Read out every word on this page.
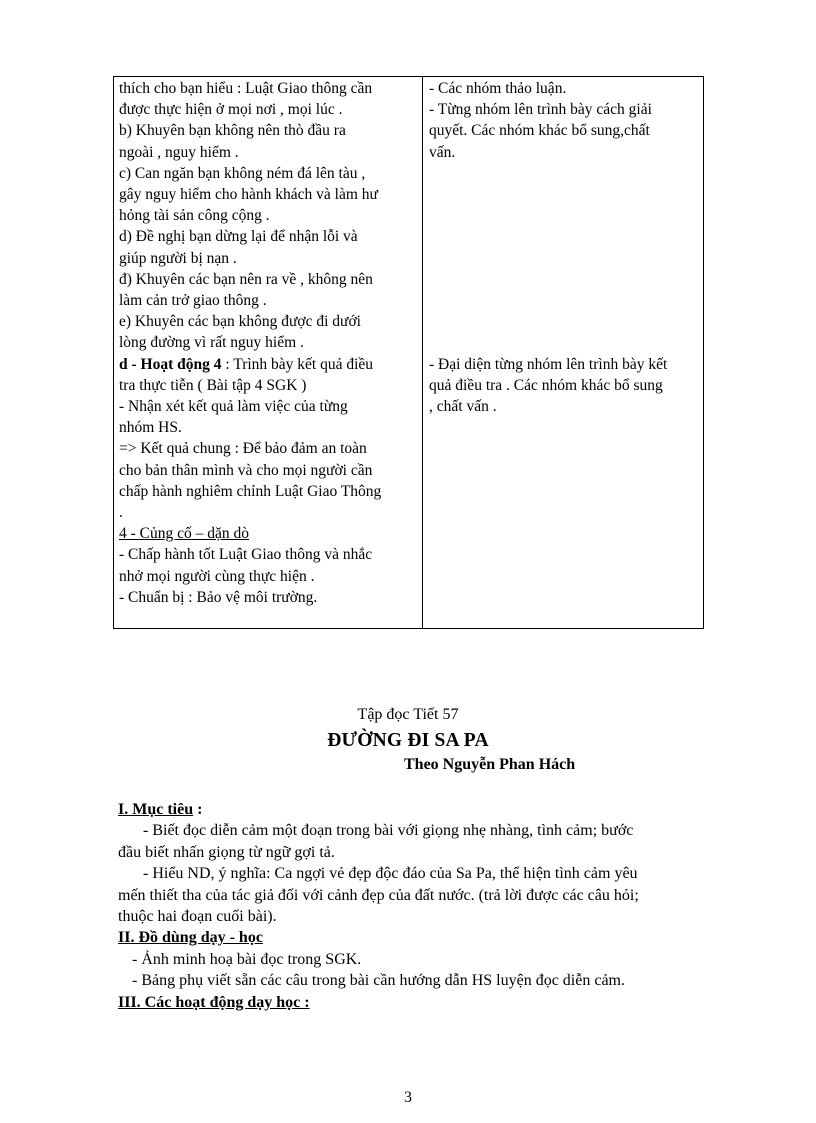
thích cho bạn hiểu : Luật Giao thông cần
được thực hiện ở mọi nơi , mọi lúc .
b) Khuyên bạn không nên thò đầu ra
ngoài , nguy hiểm .
c) Can ngăn bạn không ném đá lên tàu ,
gây nguy hiểm cho hành khách và làm hư
hỏng tài sản công cộng .
d) Đề nghị bạn dừng lại để nhận lỗi và
giúp người bị nạn .
đ) Khuyên các bạn nên ra về , không nên
làm cản trở giao thông .
e) Khuyên các bạn không được đi dưới
lòng đường vì rất nguy hiểm .
d - Hoạt động 4 : Trình bày kết quả điều
tra thực tiễn ( Bài tập 4 SGK )
- Nhận xét kết quả làm việc của từng
nhóm HS.
=> Kết quả chung : Để bảo đảm an toàn
cho bản thân mình và cho mọi người cần
chấp hành nghiêm chỉnh Luật Giao Thông
.
4 - Củng cố – dặn dò
- Chấp hành tốt Luật Giao thông và nhắc
nhở mọi người cùng thực hiện .
- Chuẩn bị : Bảo vệ môi trường.
- Các nhóm thảo luận.
- Từng nhóm lên trình bày cách giải
quyết. Các nhóm khác bổ sung,chất
vấn.
- Đại diện từng nhóm lên trình bày kết
quả điều tra . Các nhóm khác bổ sung
, chất vấn .
Tập đọc Tiết 57
ĐƯỜNG ĐI SA PA
Theo Nguyễn Phan Hách
I. Mục tiêu :
- Biết đọc diễn cảm một đoạn trong bài với giọng nhẹ nhàng, tình cảm; bước
đầu biết nhấn giọng từ ngữ gợi tả.
- Hiểu ND, ý nghĩa: Ca ngợi vẻ đẹp độc đáo của Sa Pa, thể hiện tình cảm yêu
mến thiết tha của tác giả đối với cảnh đẹp của đất nước. (trả lời được các câu hỏi;
thuộc hai đoạn cuối bài).
II. Đồ dùng dạy - học
- Ảnh minh hoạ bài đọc trong SGK.
- Bảng phụ viết sẵn các câu trong bài cần hướng dẫn HS luyện đọc diễn cảm.
III. Các hoạt động dạy học :
3
